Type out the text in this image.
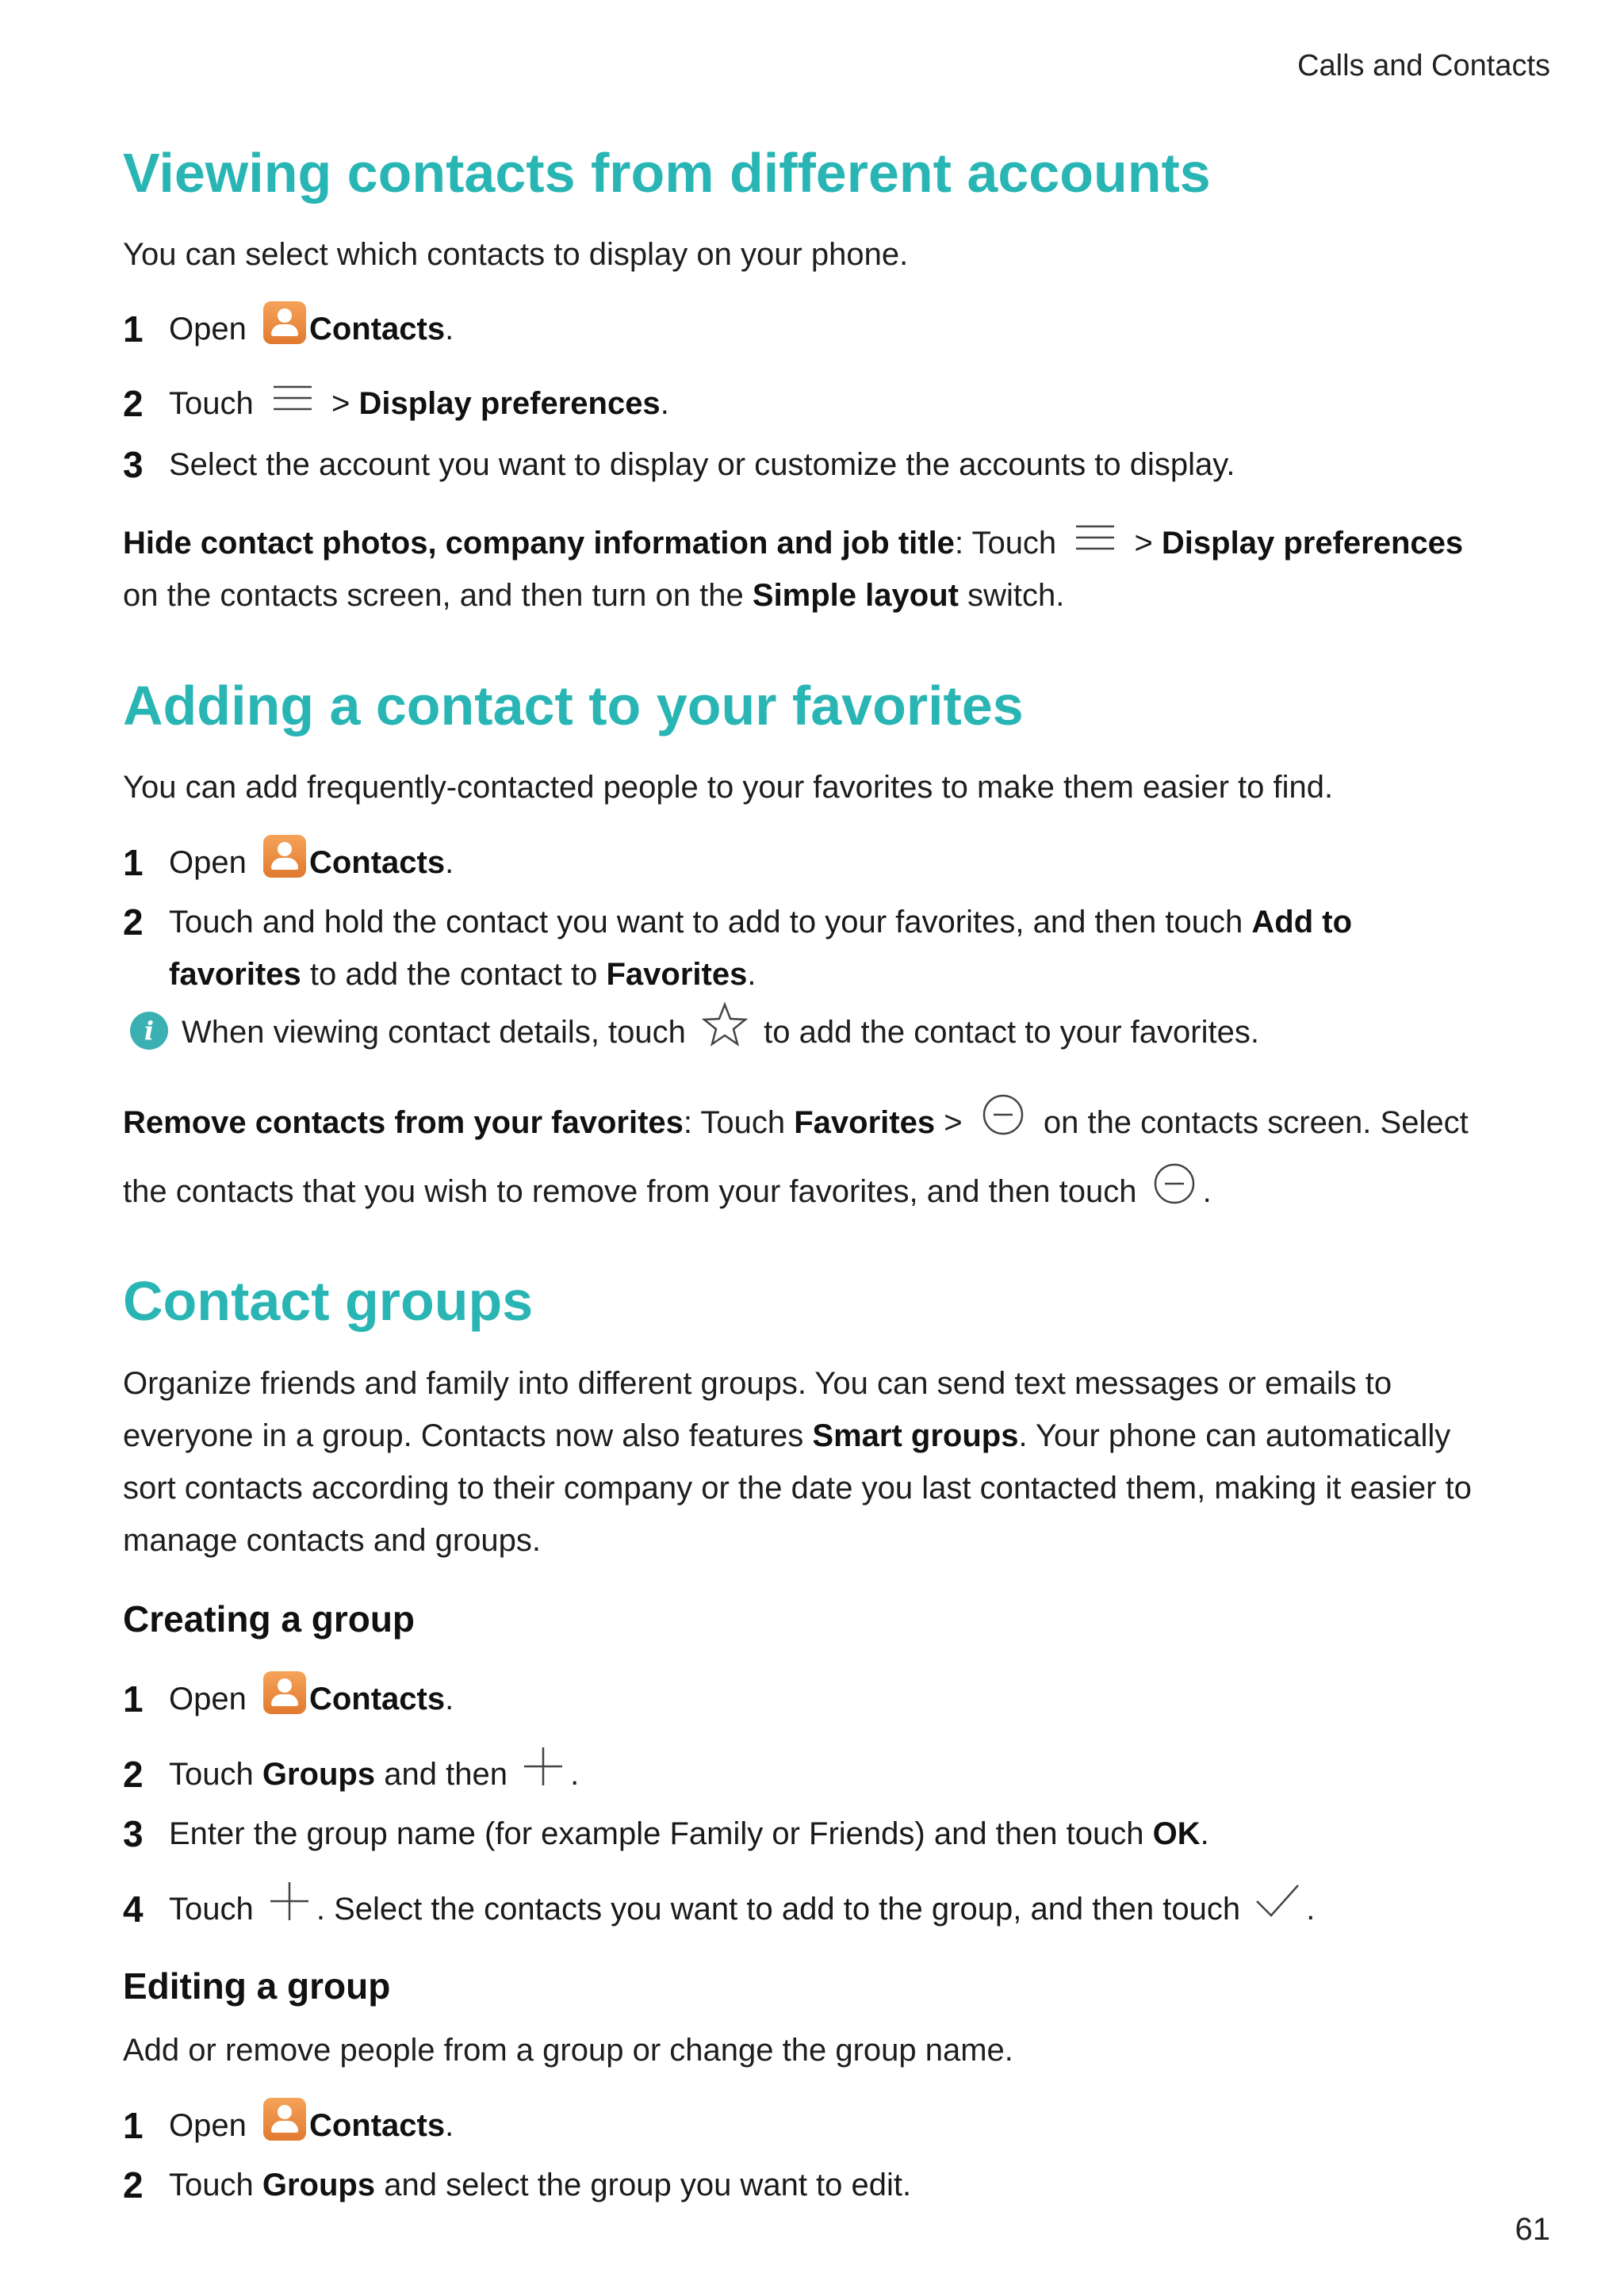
Calls and Contacts
Viewing contacts from different accounts

You can select which contacts to display on your phone.

1 Open Contacts.
2 Touch > Display preferences.
3 Select the account you want to display or customize the accounts to display.

Hide contact photos, company information and job title: Touch > Display preferences

on the contacts screen, and then turn on the Simple layout switch.

Adding a contact to your favorites

You can add frequently-contacted people to your favorites to make them easier to find.

1 Open Contacts.
2 Touch and hold the contact you want to add to your favorites, and then touch Add to
favorites to add the contact to Favorites.
i When viewing contact details, touch to add the contact to your favorites.

Remove contacts from your favorites: Touch Favorites >	on the contacts screen. Select

the contacts that you wish to remove from your favorites, and then touch .

Contact groups

Organize friends and family into different groups. You can send text messages or emails to

everyone in a group. Contacts now also features Smart groups. Your phone can automatically

sort contacts according to their company or the date you last contacted them, making it easier to

manage contacts and groups.

Creating a group
1 Open Contacts.
2 Touch Groups and then .
3 Enter the group name (for example Family or Friends) and then touch OK.
4 Touch . Select the contacts you want to add to the group, and then touch .
Editing a group

Add or remove people from a group or change the group name.

1 Open Contacts.
2 Touch Groups and select the group you want to edit.
61
